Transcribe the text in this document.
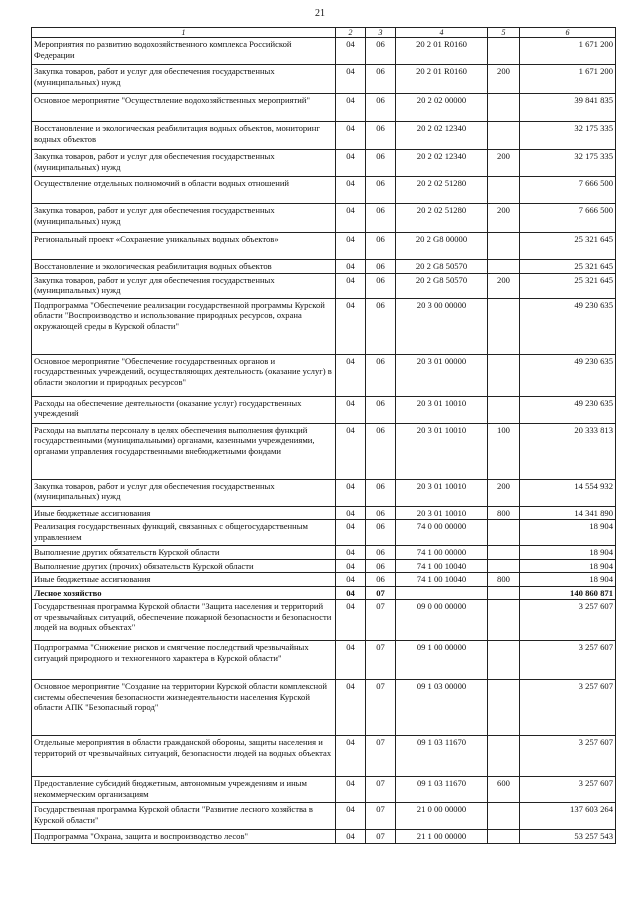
21
1	2	3	4	5	6
Мероприятия по развитию водохозяйственного комплекса Российской Федерации	04	06	20 2 01 R0160		1 671 200
Закупка товаров, работ и услуг для обеспечения государственных (муниципальных) нужд	04	06	20 2 01 R0160	200	1 671 200
Основное мероприятие "Осуществление водохозяйственных мероприятий"	04	06	20 2 02 00000		39 841 835
Восстановление и экологическая реабилитация водных объектов, мониторинг водных объектов	04	06	20 2 02 12340		32 175 335
Закупка товаров, работ и услуг для обеспечения государственных (муниципальных) нужд	04	06	20 2 02 12340	200	32 175 335
Осуществление отдельных полномочий в области водных отношений	04	06	20 2 02 51280		7 666 500
Закупка товаров, работ и услуг для обеспечения государственных (муниципальных) нужд	04	06	20 2 02 51280	200	7 666 500
Региональный проект «Сохранение уникальных водных объектов»	04	06	20 2 G8 00000		25 321 645
Восстановление и экологическая реабилитация водных объектов	04	06	20 2 G8 50570		25 321 645
Закупка товаров, работ и услуг для обеспечения государственных (муниципальных) нужд	04	06	20 2 G8 50570	200	25 321 645
Подпрограмма "Обеспечение реализации государственной программы Курской области "Воспроизводство и использование природных ресурсов, охрана окружающей среды в Курской области"	04	06	20 3 00 00000		49 230 635
Основное мероприятие "Обеспечение государственных органов и государственных учреждений, осуществляющих деятельность (оказание услуг) в области экологии и природных ресурсов"	04	06	20 3 01 00000		49 230 635
Расходы на обеспечение деятельности (оказание услуг) государственных учреждений	04	06	20 3 01 10010		49 230 635
Расходы на выплаты персоналу в целях обеспечения выполнения функций государственными (муниципальными) органами, казенными учреждениями, органами управления государственными внебюджетными фондами	04	06	20 3 01 10010	100	20 333 813
Закупка товаров, работ и услуг для обеспечения государственных (муниципальных) нужд	04	06	20 3 01 10010	200	14 554 932
Иные бюджетные ассигнования	04	06	20 3 01 10010	800	14 341 890
Реализация государственных функций, связанных с общегосударственным управлением	04	06	74 0 00 00000		18 904
Выполнение других обязательств Курской области	04	06	74 1 00 00000		18 904
Выполнение других (прочих) обязательств Курской области	04	06	74 1 00 10040		18 904
Иные бюджетные ассигнования	04	06	74 1 00 10040	800	18 904
Лесное хозяйство	04	07			140 860 871
Государственная программа Курской области "Защита населения и территорий от чрезвычайных ситуаций, обеспечение пожарной безопасности и безопасности людей на водных объектах"	04	07	09 0 00 00000		3 257 607
Подпрограмма "Снижение рисков и смягчение последствий чрезвычайных ситуаций природного и техногенного характера в Курской области"	04	07	09 1 00 00000		3 257 607
Основное мероприятие "Создание на территории Курской области комплексной системы обеспечения безопасности жизнедеятельности населения Курской области АПК "Безопасный город"	04	07	09 1 03 00000		3 257 607
Отдельные мероприятия в области гражданской обороны, защиты населения и территорий от чрезвычайных ситуаций, безопасности людей на водных объектах	04	07	09 1 03 11670		3 257 607
Предоставление субсидий бюджетным, автономным учреждениям и иным некоммерческим организациям	04	07	09 1 03 11670	600	3 257 607
Государственная программа Курской области "Развитие лесного хозяйства в Курской области"	04	07	21 0 00 00000		137 603 264
Подпрограмма "Охрана, защита и воспроизводство лесов"	04	07	21 1 00 00000		53 257 543
